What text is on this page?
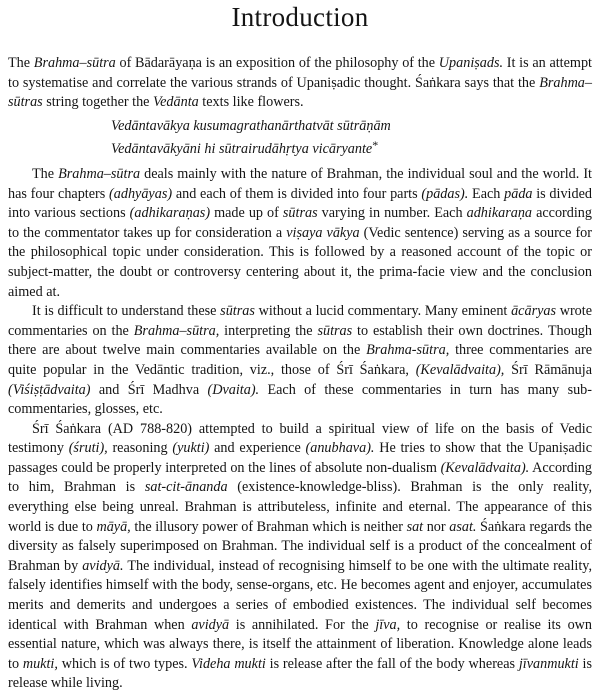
Introduction

The Brahma–sūtra of Bādarāyaṇa is an exposition of the philosophy of the Upaniṣads. It is an attempt to systematise and correlate the various strands of Upaniṣadic thought. Śaṅkara says that the Brahma–sūtras string together the Vedānta texts like flowers.

Vedāntavākya kusumagrathanārthatvāt sūtrāṇām
Vedāntavākyāni hi sūtrairudāhṛtya vicāryante*

The Brahma–sūtra deals mainly with the nature of Brahman, the individual soul and the world. It has four chapters (adhyāyas) and each of them is divided into four parts (pādas). Each pāda is divided into various sections (adhikaraṇas) made up of sūtras varying in number. Each adhikaraṇa according to the commentator takes up for consideration a viṣaya vākya (Vedic sentence) serving as a source for the philosophical topic under consideration. This is followed by a reasoned account of the topic or subject-matter, the doubt or controversy centering about it, the prima-facie view and the conclusion aimed at.

It is difficult to understand these sūtras without a lucid commentary. Many eminent ācāryas wrote commentaries on the Brahma–sūtra, interpreting the sūtras to establish their own doctrines. Though there are about twelve main commentaries available on the Brahma-sūtra, three commentaries are quite popular in the Vedāntic tradition, viz., those of Śrī Śaṅkara, (Kevalādvaita), Śrī Rāmānuja (Viśiṣṭādvaita) and Śrī Madhva (Dvaita). Each of these commentaries in turn has many sub- commentaries, glosses, etc.

Śrī Śaṅkara (AD 788-820) attempted to build a spiritual view of life on the basis of Vedic testimony (śruti), reasoning (yukti) and experience (anubhava). He tries to show that the Upaniṣadic passages could be properly interpreted on the lines of absolute non-dualism (Kevalādvaita). According to him, Brahman is sat-cit-ānanda (existence-knowledge-bliss). Brahman is the only reality, everything else being unreal. Brahman is attributeless, infinite and eternal. The appearance of this world is due to māyā, the illusory power of Brahman which is neither sat nor asat. Śaṅkara regards the diversity as falsely superimposed on Brahman. The individual self is a product of the concealment of Brahman by avidyā. The individual, instead of recognising himself to be one with the ultimate reality, falsely identifies himself with the body, sense-organs, etc. He becomes agent and enjoyer, accumulates merits and demerits and undergoes a series of embodied existences. The individual self becomes identical with Brahman when avidyā is annihilated. For the jīva, to recognise or realise its own essential nature, which was always there, is itself the attainment of liberation. Knowledge alone leads to mukti, which is of two types. Videha mukti is release after the fall of the body whereas jīvanmukti is release while living.
